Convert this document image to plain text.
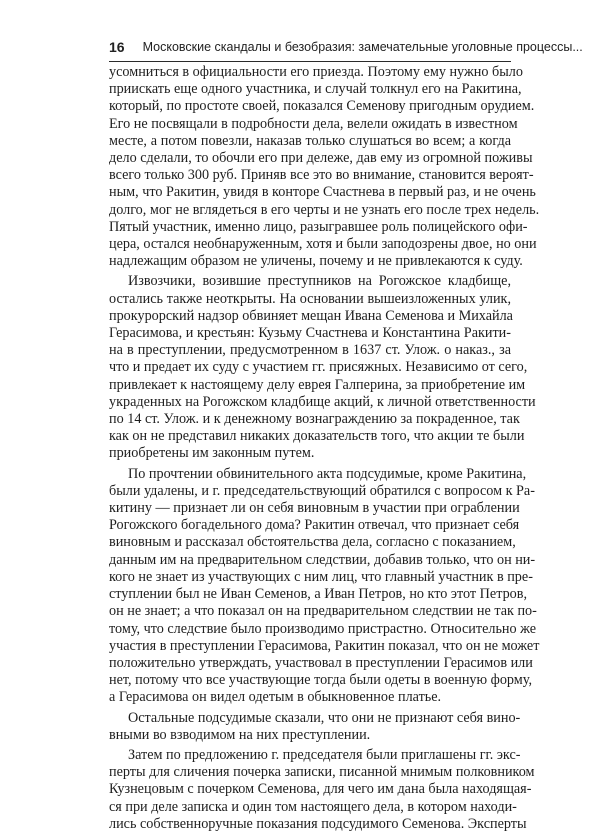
16 Московские скандалы и безобразия: замечательные уголовные процессы...
усомниться в официальности его приезда. Поэтому ему нужно было
приискать еще одного участника, и случай толкнул его на Ракитина,
который, по простоте своей, показался Семенову пригодным орудием.
Его не посвящали в подробности дела, велели ожидать в известном
месте, а потом повезли, наказав только слушаться во всем; а когда
дело сделали, то обочли его при дележе, дав ему из огромной поживы
всего только 300 руб. Приняв все это во внимание, становится вероят-
ным, что Ракитин, увидя в конторе Счастнева в первый раз, и не очень
долго, мог не вглядеться в его черты и не узнать его после трех недель.
Пятый участник, именно лицо, разыгравшее роль полицейского офи-
цера, остался необнаруженным, хотя и были заподозрены двое, но они
надлежащим образом не уличены, почему и не привлекаются к суду.
Извозчики, возившие преступников на Рогожское кладбище,
остались также неоткрыты. На основании вышеизложенных улик,
прокурорский надзор обвиняет мещан Ивана Семенова и Михайла
Герасимова, и крестьян: Кузьму Счастнева и Константина Ракити-
на в преступлении, предусмотренном в 1637 ст. Улож. о наказ., за
что и предает их суду с участием гг. присяжных. Независимо от сего,
привлекает к настоящему делу еврея Галперина, за приобретение им
украденных на Рогожском кладбище акций, к личной ответственности
по 14 ст. Улож. и к денежному вознаграждению за покраденное, так
как он не представил никаких доказательств того, что акции те были
приобретены им законным путем.
По прочтении обвинительного акта подсудимые, кроме Ракитина,
были удалены, и г. председательствующий обратился с вопросом к Ра-
китину — признает ли он себя виновным в участии при ограблении
Рогожского богадельного дома? Ракитин отвечал, что признает себя
виновным и рассказал обстоятельства дела, согласно с показанием,
данным им на предварительном следствии, добавив только, что он ни-
кого не знает из участвующих с ним лиц, что главный участник в пре-
ступлении был не Иван Семенов, а Иван Петров, но кто этот Петров,
он не знает; а что показал он на предварительном следствии не так по-
тому, что следствие было производимо пристрастно. Относительно же
участия в преступлении Герасимова, Ракитин показал, что он не может
положительно утверждать, участвовал в преступлении Герасимов или
нет, потому что все участвующие тогда были одеты в военную форму,
а Герасимова он видел одетым в обыкновенное платье.
Остальные подсудимые сказали, что они не признают себя вино-
вными во взводимом на них преступлении.
Затем по предложению г. председателя были приглашены гг. экс-
перты для сличения почерка записки, писанной мнимым полковником
Кузнецовым с почерком Семенова, для чего им дана была находящая-
ся при деле записка и один том настоящего дела, в котором находи-
лись собственноручные показания подсудимого Семенова. Эксперты
